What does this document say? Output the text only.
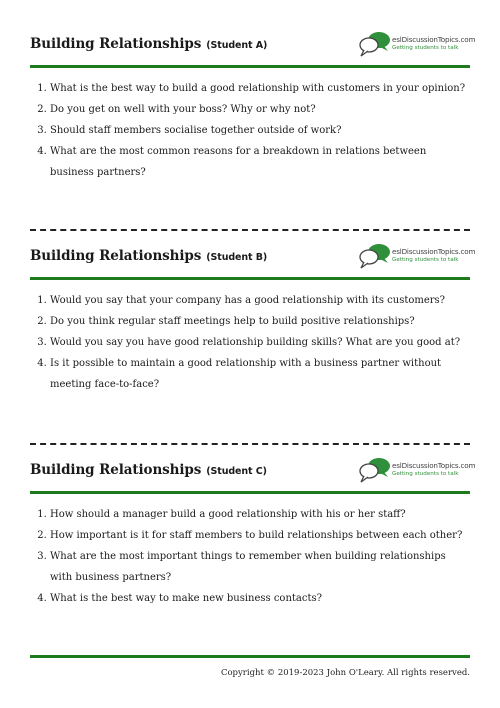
Building Relationships (Student A)
eslDiscussionTopics.com
Getting students to talk
1. What is the best way to build a good relationship with customers in your opinion?
2. Do you get on well with your boss? Why or why not?
3. Should staff members socialise together outside of work?
4. What are the most common reasons for a breakdown in relations between business partners?
Building Relationships (Student B)
eslDiscussionTopics.com
Getting students to talk
1. Would you say that your company has a good relationship with its customers?
2. Do you think regular staff meetings help to build positive relationships?
3. Would you say you have good relationship building skills? What are you good at?
4. Is it possible to maintain a good relationship with a business partner without meeting face-to-face?
Building Relationships (Student C)
eslDiscussionTopics.com
Getting students to talk
1. How should a manager build a good relationship with his or her staff?
2. How important is it for staff members to build relationships between each other?
3. What are the most important things to remember when building relationships with business partners?
4. What is the best way to make new business contacts?
Copyright © 2019-2023 John O'Leary. All rights reserved.
